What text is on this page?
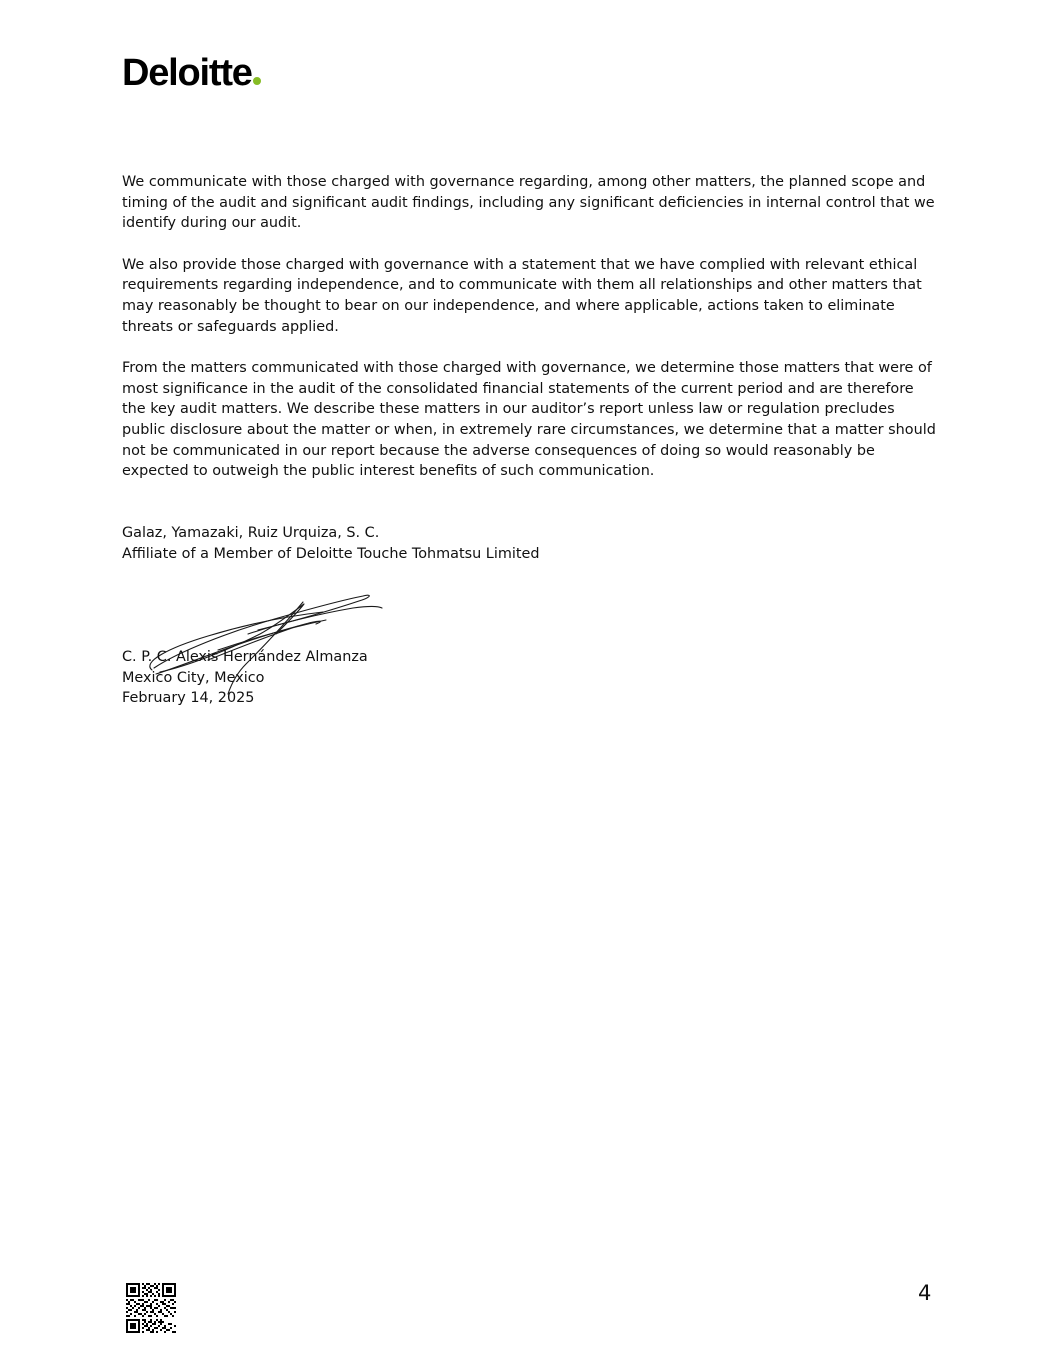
Deloitte

We communicate with those charged with governance regarding, among other matters, the planned scope and timing of the audit and significant audit findings, including any significant deficiencies in internal control that we identify during our audit.

We also provide those charged with governance with a statement that we have complied with relevant ethical requirements regarding independence, and to communicate with them all relationships and other matters that may reasonably be thought to bear on our independence, and where applicable, actions taken to eliminate threats or safeguards applied.

From the matters communicated with those charged with governance, we determine those matters that were of most significance in the audit of the consolidated financial statements of the current period and are therefore the key audit matters. We describe these matters in our auditor’s report unless law or regulation precludes public disclosure about the matter or when, in extremely rare circumstances, we determine that a matter should not be communicated in our report because the adverse consequences of doing so would reasonably be expected to outweigh the public interest benefits of such communication.

Galaz, Yamazaki, Ruiz Urquiza, S. C.
Affiliate of a Member of Deloitte Touche Tohmatsu Limited
C. P. C. Alexis Hernández Almanza
Mexico City, Mexico
February 14, 2025
4
